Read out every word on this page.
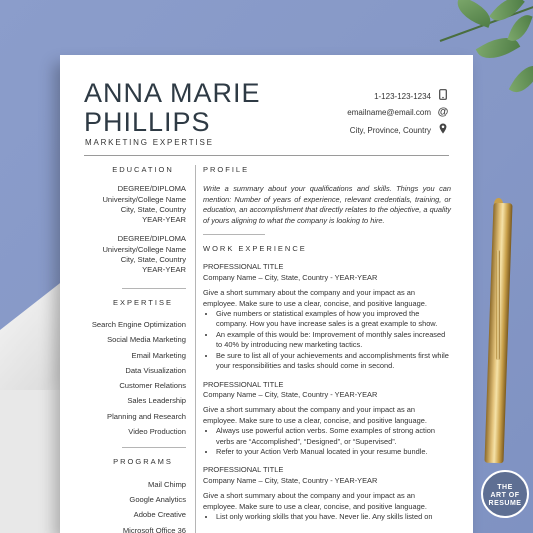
ANNA MARIE
PHILLIPS
MARKETING EXPERTISE
1-123-123-1234
emailname@email.com @
City, Province, Country
EDUCATION
DEGREE/DIPLOMA
University/College Name
City, State, Country
YEAR-YEAR
DEGREE/DIPLOMA
University/College Name
City, State, Country
YEAR-YEAR
EXPERTISE
Search Engine Optimization
Social Media Marketing
Email Marketing
Data Visualization
Customer Relations
Sales Leadership
Planning and Research
Video Production
PROGRAMS
Mail Chimp
Google Analytics
Adobe Creative
Microsoft Office 36
PROFILE
Write a summary about your qualifications and skills. Things you can mention: Number of years of experience, relevant credentials, training, or education, an accomplishment that directly relates to the objective, a quality of yours aligning to what the company is looking to hire.
WORK EXPERIENCE
PROFESSIONAL TITLE
Company Name – City, State, Country - YEAR-YEAR
Give a short summary about the company and your impact as an employee. Make sure to use a clear, concise, and positive language.
• Give numbers or statistical examples of how you improved the company. How you have increase sales is a great example to show.
• An example of this would be: Improvement of monthly sales increased to 40% by introducing new marketing tactics.
• Be sure to list all of your achievements and accomplishments first while your responsibilities and tasks should come in second.
PROFESSIONAL TITLE
Company Name – City, State, Country - YEAR-YEAR
Give a short summary about the company and your impact as an employee. Make sure to use a clear, concise, and positive language.
• Always use powerful action verbs. Some examples of strong action verbs are “Accomplished”, “Designed”, or “Supervised”.
• Refer to your Action Verb Manual located in your resume bundle.
PROFESSIONAL TITLE
Company Name – City, State, Country - YEAR-YEAR
Give a short summary about the company and your impact as an employee. Make sure to use a clear, concise, and positive language.
• List only working skills that you have. Never lie. Any skills listed on
THE
ART OF
RESUME
